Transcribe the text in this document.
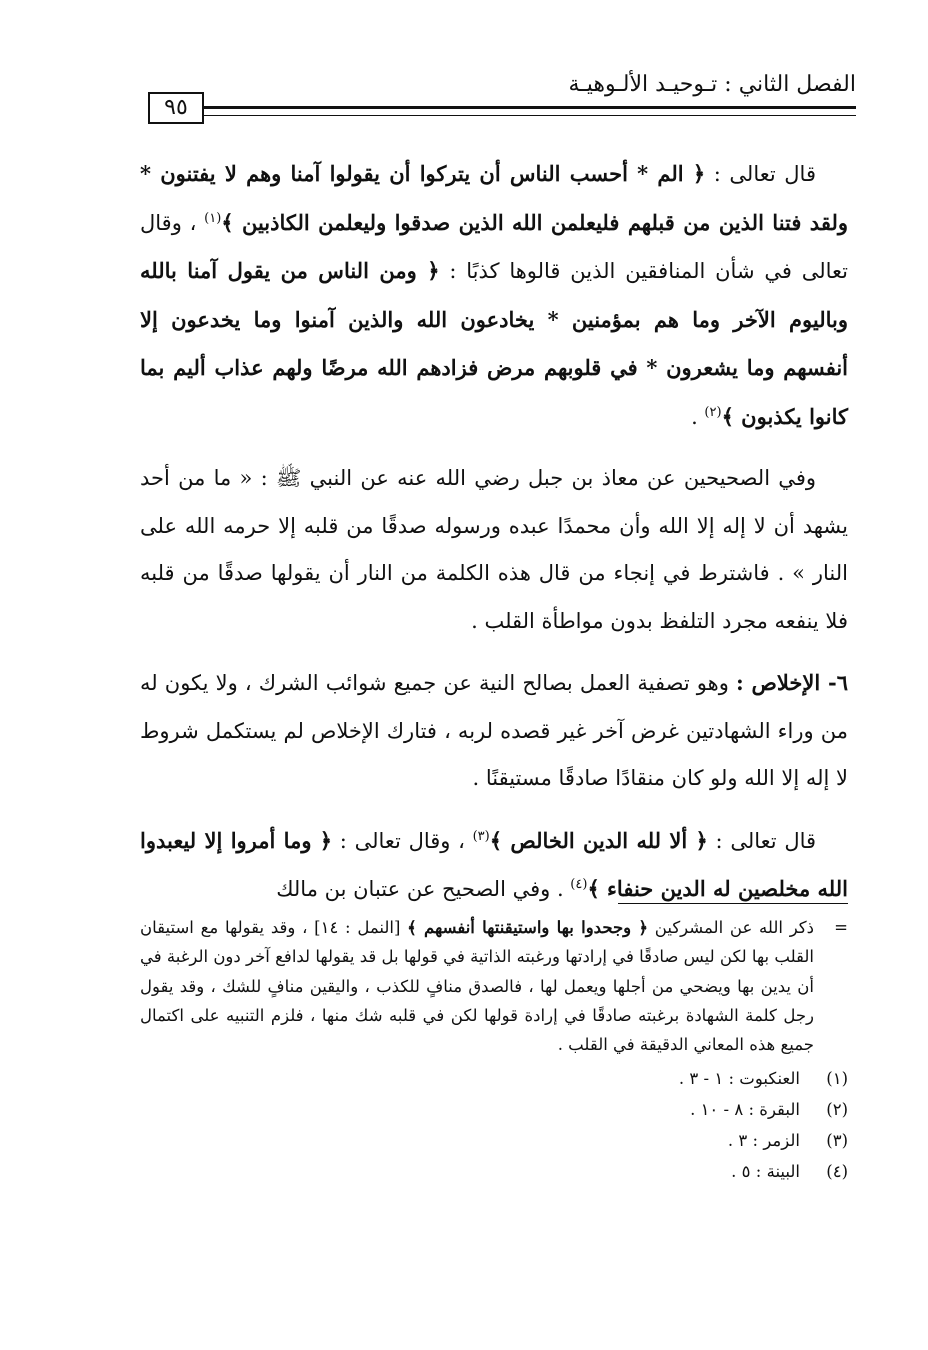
الفصل الثاني : تـوحيـد الألـوهيـة
٩٥

قال تعالى : ﴿ الم * أحسب الناس أن يتركوا أن يقولوا آمنا وهم لا يفتنون * ولقد فتنا الذين من قبلهم فليعلمن الله الذين صدقوا وليعلمن الكاذبين ﴾$^{(١)}$ ، وقال تعالى في شأن المنافقين الذين قالوها كذبًا : ﴿ ومن الناس من يقول آمنا بالله وباليوم الآخر وما هم بمؤمنين * يخادعون الله والذين آمنوا وما يخدعون إلا أنفسهم وما يشعرون * في قلوبهم مرض فزادهم الله مرضًا ولهم عذاب أليم بما كانوا يكذبون ﴾$^{(٢)}$ .

وفي الصحيحين عن معاذ بن جبل رضي الله عنه عن النبي ﷺ : « ما من أحد يشهد أن لا إله إلا الله وأن محمدًا عبده ورسوله صدقًا من قلبه إلا حرمه الله على النار » . فاشترط في إنجاء من قال هذه الكلمة من النار أن يقولها صدقًا من قلبه فلا ينفعه مجرد التلفظ بدون مواطأة القلب .

٦- الإخلاص : وهو تصفية العمل بصالح النية عن جميع شوائب الشرك ، ولا يكون له من وراء الشهادتين غرض آخر غير قصده لربه ، فتارك الإخلاص لم يستكمل شروط لا إله إلا الله ولو كان منقادًا صادقًا مستيقنًا .

قال تعالى : ﴿ ألا لله الدين الخالص ﴾$^{(٣)}$ ، وقال تعالى : ﴿ وما أمروا إلا ليعبدوا الله مخلصين له الدين حنفاء ﴾$^{(٤)}$ . وفي الصحيح عن عتبان بن مالك

=
ذكر الله عن المشركين ﴿ وجحدوا بها واستيقنتها أنفسهم ﴾ [النمل : ١٤] ، وقد يقولها مع استيقان القلب بها لكن ليس صادقًا في إرادتها ورغبته الذاتية في قولها بل قد يقولها لدافع آخر دون الرغبة في أن يدين بها ويضحي من أجلها ويعمل لها ، فالصدق منافٍ للكذب ، واليقين منافٍ للشك ، وقد يقول رجل كلمة الشهادة برغبته صادقًا في إرادة قولها لكن في قلبه شك منها ، فلزم التنبيه على اكتمال جميع هذه المعاني الدقيقة في القلب .

(١)
العنكبوت : ١ - ٣ .
(٢)
البقرة : ٨ - ١٠ .
(٣)
الزمر : ٣ .
(٤)
البينة : ٥ .
